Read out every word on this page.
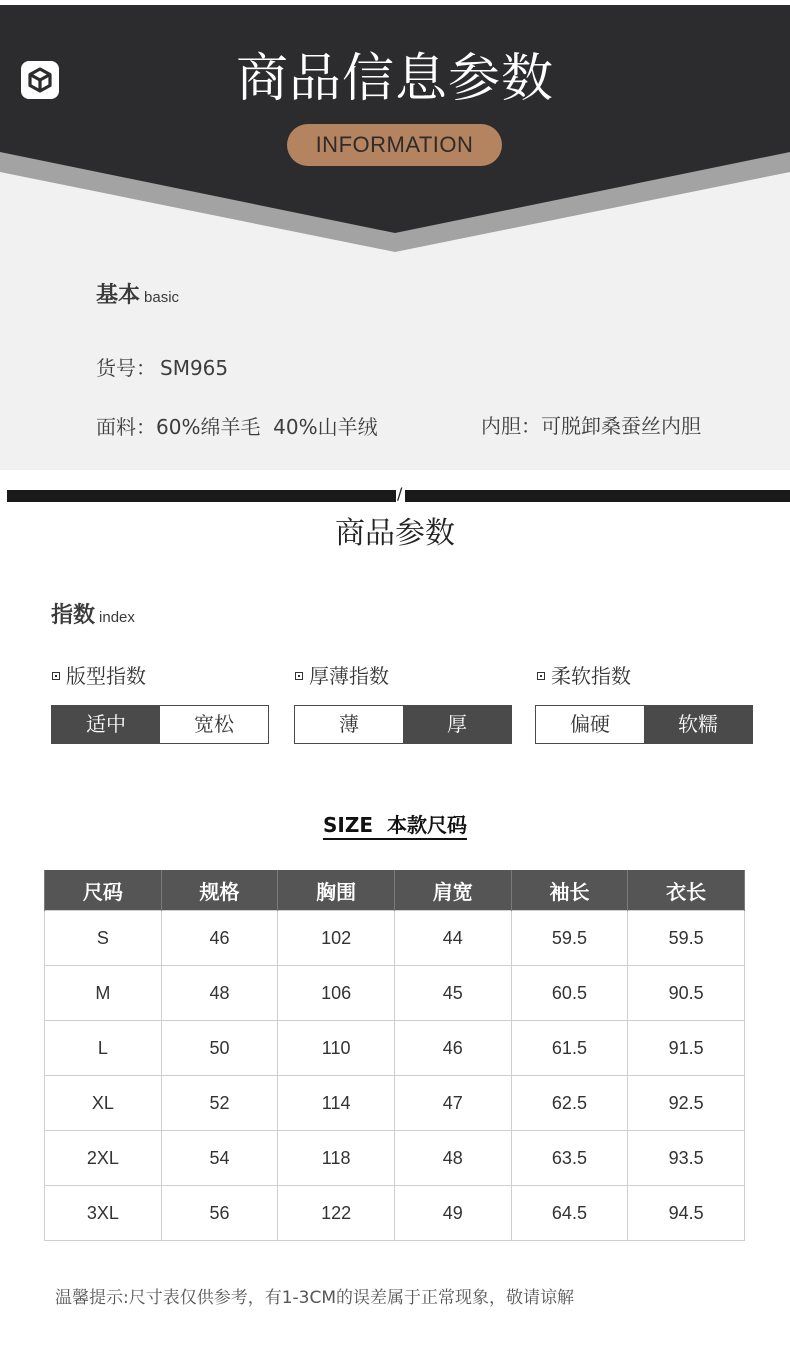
商品信息参数
INFORMATION
基本 basic
货号： SM965
面料：60%绵羊毛  40%山羊绒	内胆：可脱卸桑蚕丝内胆
/
商品参数
指数 index
版型指数
适中	宽松
厚薄指数
薄	厚
柔软指数
偏硬	软糯
SIZE  本款尺码
尺码	规格	胸围	肩宽	袖长	衣长
S	46	102	44	59.5	59.5
M	48	106	45	60.5	90.5
L	50	110	46	61.5	91.5
XL	52	114	47	62.5	92.5
2XL	54	118	48	63.5	93.5
3XL	56	122	49	64.5	94.5
温馨提示:尺寸表仅供参考，有1-3CM的误差属于正常现象，敬请谅解
